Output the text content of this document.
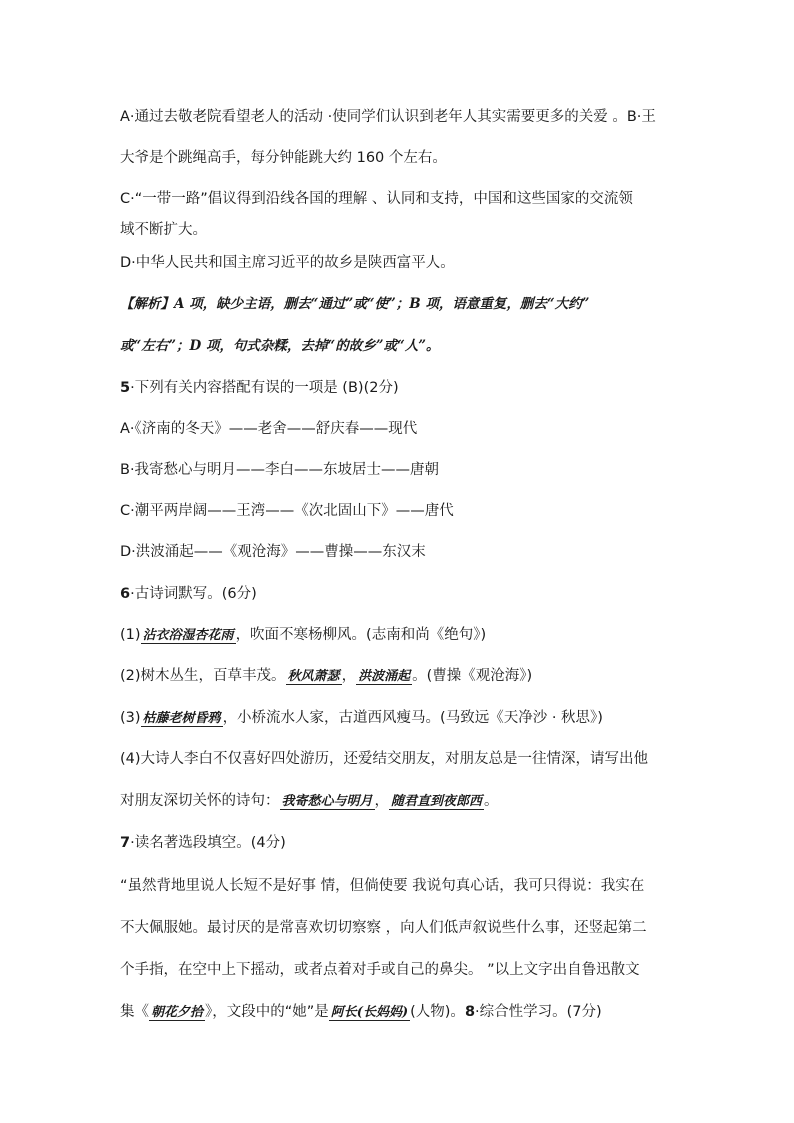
A·通过去敬老院看望老人的活动 ·使同学们认识到老年人其实需要更多的关爱 。B·王
大爷是个跳绳高手，每分钟能跳大约 160 个左右。
C·“一带一路”倡议得到沿线各国的理解 、认同和支持，中国和这些国家的交流领
域不断扩大。
D·中华人民共和国主席习近平的故乡是陕西富平人。
【解析】A 项，缺少主语，删去“通过”或“使”；B 项，语意重复，删去“大约”
或“左右”；D 项，句式杂糅，去掉“的故乡”或“人”。
5·下列有关内容搭配有误的一项是 (B)(2分)
A·《济南的冬天》——老舍——舒庆春——现代
B·我寄愁心与明月——李白——东坡居士——唐朝
C·潮平两岸阔——王湾——《次北固山下》——唐代
D·洪波涌起——《观沧海》——曹操——东汉末
6·古诗词默写。(6分)
(1) 沾衣浴湿杏花雨 ，吹面不寒杨柳风。(志南和尚《绝句》)
(2)树木丛生，百草丰茂。 秋风萧瑟 ， 洪波涌起 。(曹操《观沧海》)
(3) 枯藤老树昏鸦 ，小桥流水人家，古道西风瘦马。(马致远《天净沙 · 秋思》)
(4)大诗人李白不仅喜好四处游历，还爱结交朋友，对朋友总是一往情深，请写出他
对朋友深切关怀的诗句： 我寄愁心与明月 ， 随君直到夜郎西 。
7·读名著选段填空。(4分)
“虽然背地里说人长短不是好事 情，但倘使要 我说句真心话，我可只得说：我实在
不大佩服她。最讨厌的是常喜欢切切察察 ，向人们低声叙说些什么事，还竖起第二
个手指，在空中上下摇动，或者点着对手或自己的鼻尖。 ”以上文字出自鲁迅散文
集《 朝花夕拾 》，文段中的“她”是 阿长(长妈妈) (人物)。8·综合性学习。(7分)
